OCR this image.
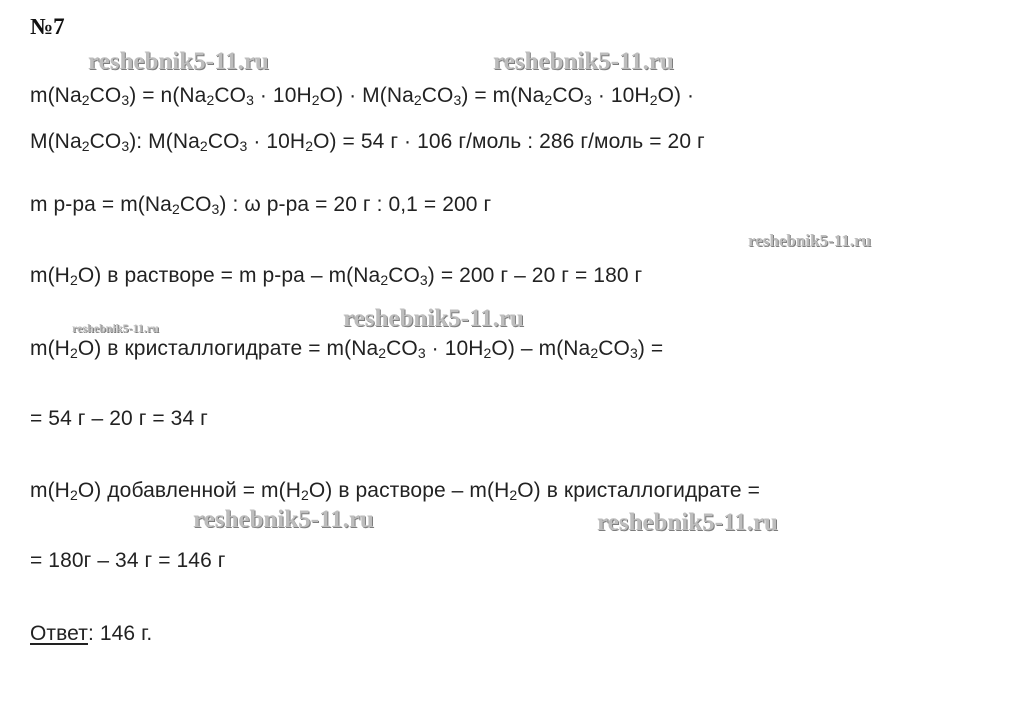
№7
$m(Na_2CO_3) = n(Na_2CO_3 \cdot 10H_2O) \cdot M(Na_2CO_3) = m(Na_2CO_3 \cdot 10H_2O)$ ·
$M(Na_2CO_3)$: $M(Na_2CO_3 \cdot 10H_2O) = 54$ г · 106 г/моль : 286 г/моль = 20 г
m $р-ра = m(Na_2CO_3)$ : ω р-ра = 20 г : 0,1 = 200 г
$m(H_2O)$ в растворе = m $р-ра - m(Na_2CO_3) = 200$ г – 20 г = 180 г
$m(H_2O)$ в кристаллогидрате = $m(Na_2CO_3 \cdot 10H_2O) - m(Na_2CO_3)$ =
= 54 г – 20 г = 34 г
$m(H_2O)$ добавленной = $m(H_2O)$ в растворе – $m(H_2O)$ в кристаллогидрате =
= 180г – 34 г = 146 г
Ответ: 146 г.
reshebnik5-11.ru	reshebnik5-11.ru
reshebnik5-11.ru
reshebnik5-11.ru	reshebnik5-11.ru
reshebnik5-11.ru	reshebnik5-11.ru
